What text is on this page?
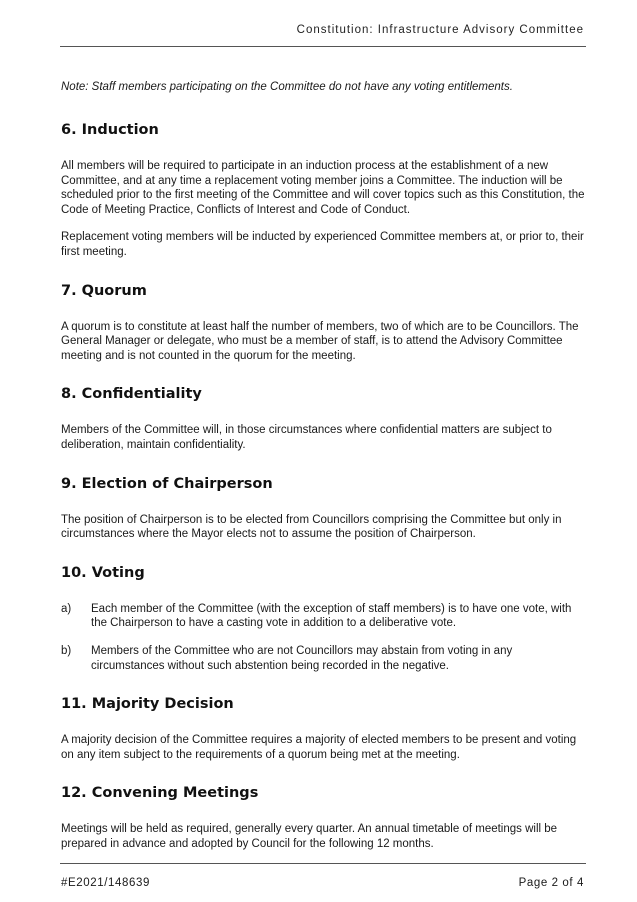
Constitution: Infrastructure Advisory Committee

Note: Staff members participating on the Committee do not have any voting entitlements.

6. Induction

All members will be required to participate in an induction process at the establishment of a new Committee, and at any time a replacement voting member joins a Committee. The induction will be scheduled prior to the first meeting of the Committee and will cover topics such as this Constitution, the Code of Meeting Practice, Conflicts of Interest and Code of Conduct.

Replacement voting members will be inducted by experienced Committee members at, or prior to, their first meeting.

7. Quorum

A quorum is to constitute at least half the number of members, two of which are to be Councillors. The General Manager or delegate, who must be a member of staff, is to attend the Advisory Committee meeting and is not counted in the quorum for the meeting.

8. Confidentiality

Members of the Committee will, in those circumstances where confidential matters are subject to deliberation, maintain confidentiality.

9. Election of Chairperson

The position of Chairperson is to be elected from Councillors comprising the Committee but only in circumstances where the Mayor elects not to assume the position of Chairperson.

10. Voting
a)	Each member of the Committee (with the exception of staff members) is to have one vote, with the Chairperson to have a casting vote in addition to a deliberative vote.
b)	Members of the Committee who are not Councillors may abstain from voting in any circumstances without such abstention being recorded in the negative.
11. Majority Decision

A majority decision of the Committee requires a majority of elected members to be present and voting on any item subject to the requirements of a quorum being met at the meeting.

12. Convening Meetings

Meetings will be held as required, generally every quarter. An annual timetable of meetings will be prepared in advance and adopted by Council for the following 12 months.

#E2021/148639	Page 2 of 4
